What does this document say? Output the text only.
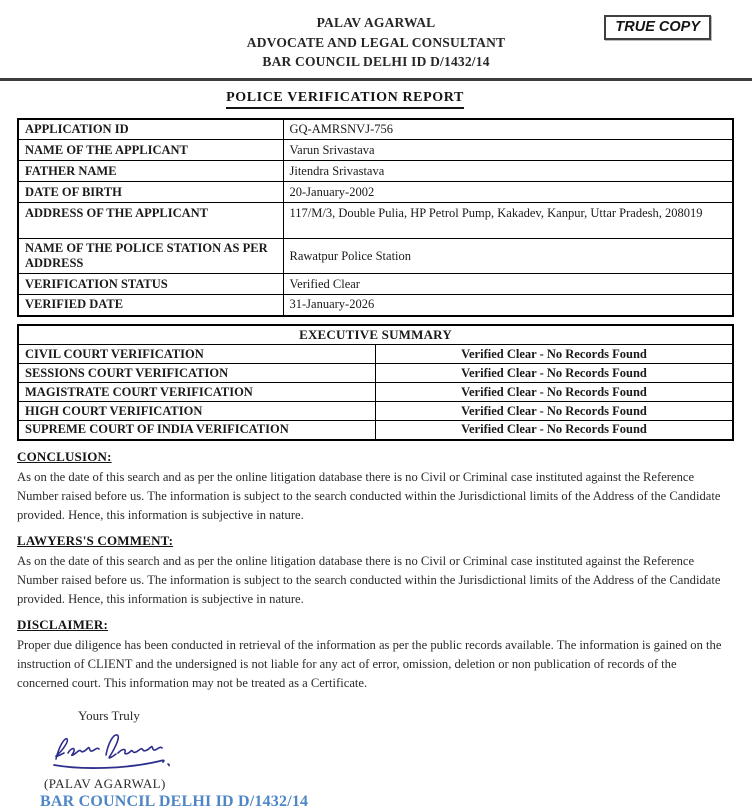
PALAV AGARWAL
ADVOCATE AND LEGAL CONSULTANT
BAR COUNCIL DELHI ID D/1432/14
TRUE COPY
POLICE VERIFICATION REPORT
APPLICATION ID	GQ-AMRSNVJ-756
NAME OF THE APPLICANT	Varun Srivastava
FATHER NAME	Jitendra Srivastava
DATE OF BIRTH	20-January-2002
ADDRESS OF THE APPLICANT	117/M/3, Double Pulia, HP Petrol Pump, Kakadev, Kanpur, Uttar Pradesh, 208019
NAME OF THE POLICE STATION AS PER ADDRESS	Rawatpur Police Station
VERIFICATION STATUS	Verified Clear
VERIFIED DATE	31-January-2026
EXECUTIVE SUMMARY	
CIVIL COURT VERIFICATION	Verified Clear - No Records Found
SESSIONS COURT VERIFICATION	Verified Clear - No Records Found
MAGISTRATE COURT VERIFICATION	Verified Clear - No Records Found
HIGH COURT VERIFICATION	Verified Clear - No Records Found
SUPREME COURT OF INDIA VERIFICATION	Verified Clear - No Records Found
CONCLUSION:
As on the date of this search and as per the online litigation database there is no Civil or Criminal case instituted against the Reference Number raised before us. The information is subject to the search conducted within the Jurisdictional limits of the Address of the Candidate provided. Hence, this information is subjective in nature.
LAWYERS'S COMMENT:
As on the date of this search and as per the online litigation database there is no Civil or Criminal case instituted against the Reference Number raised before us. The information is subject to the search conducted within the Jurisdictional limits of the Address of the Candidate provided. Hence, this information is subjective in nature.
DISCLAIMER:
Proper due diligence has been conducted in retrieval of the information as per the public records available. The information is gained on the instruction of CLIENT and the undersigned is not liable for any act of error, omission, deletion or non publication of records of the concerned court. This information may not be treated as a Certificate.
Yours Truly
(PALAV AGARWAL)
BAR COUNCIL DELHI ID D/1432/14
